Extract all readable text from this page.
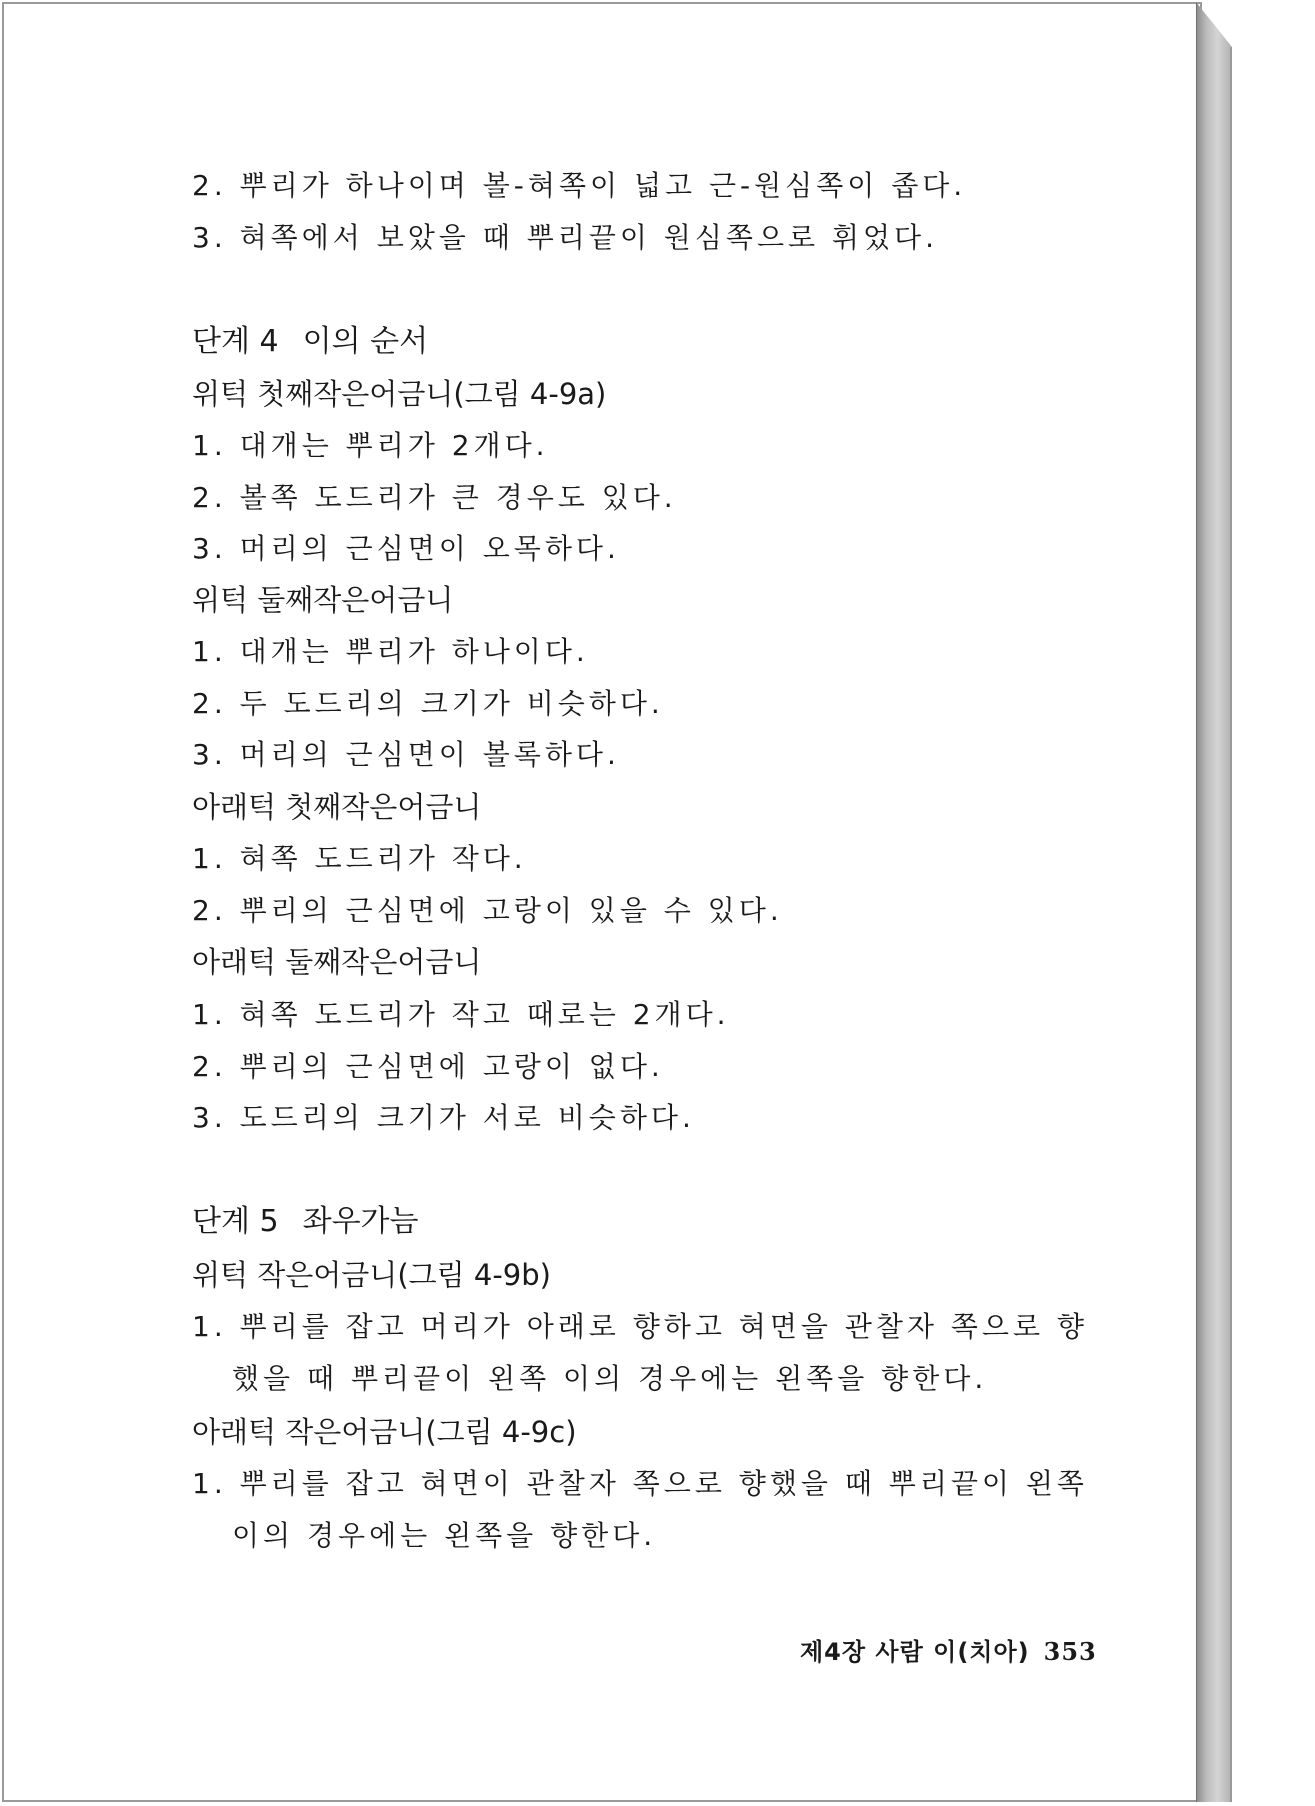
2. 뿌리가 하나이며 볼-혀쪽이 넓고 근-원심쪽이 좁다.
3. 혀쪽에서 보았을 때 뿌리끝이 원심쪽으로 휘었다.
단계 4 이의 순서
위턱 첫째작은어금니(그림 4-9a)
1. 대개는 뿌리가 2개다.
2. 볼쪽 도드리가 큰 경우도 있다.
3. 머리의 근심면이 오목하다.
위턱 둘째작은어금니
1. 대개는 뿌리가 하나이다.
2. 두 도드리의 크기가 비슷하다.
3. 머리의 근심면이 볼록하다.
아래턱 첫째작은어금니
1. 혀쪽 도드리가 작다.
2. 뿌리의 근심면에 고랑이 있을 수 있다.
아래턱 둘째작은어금니
1. 혀쪽 도드리가 작고 때로는 2개다.
2. 뿌리의 근심면에 고랑이 없다.
3. 도드리의 크기가 서로 비슷하다.
단계 5 좌우가늠
위턱 작은어금니(그림 4-9b)
1. 뿌리를 잡고 머리가 아래로 향하고 혀면을 관찰자 쪽으로 향
했을 때 뿌리끝이 왼쪽 이의 경우에는 왼쪽을 향한다.
아래턱 작은어금니(그림 4-9c)
1. 뿌리를 잡고 혀면이 관찰자 쪽으로 향했을 때 뿌리끝이 왼쪽
이의 경우에는 왼쪽을 향한다.
제4장 사람 이(치아) 353
